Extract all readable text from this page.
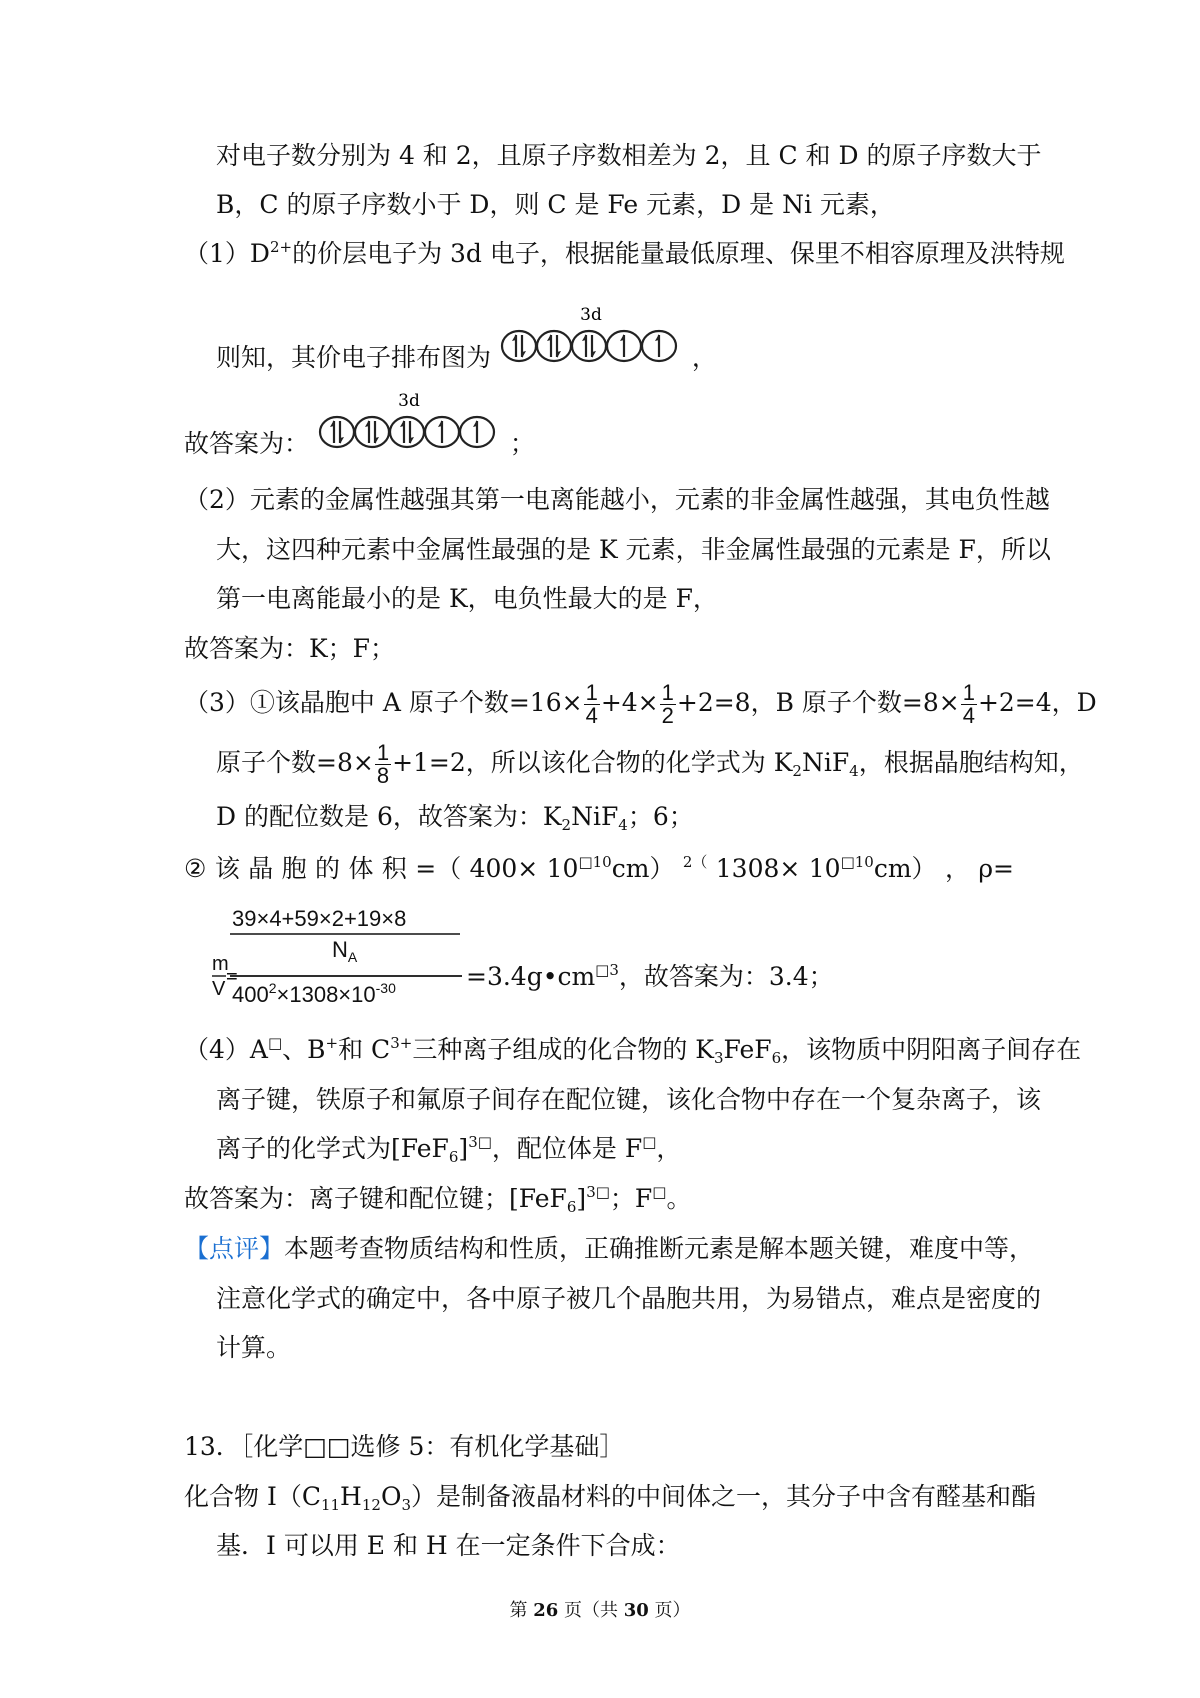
对电子数分别为 4 和 2，且原子序数相差为 2，且 C 和 D 的原子序数大于
B，C 的原子序数小于 D，则 C 是 Fe 元素，D 是 Ni 元素，
$(1)D^{2+}$的价层电子为 3d 电子，根据能量最低原理、保里不相容原理及洪特规
则知，其价电子排布图为
3d
，
故答案为：
3d
；
（2）元素的金属性越强其第一电离能越小，元素的非金属性越强，其电负性越
大，这四种元素中金属性最强的是 K 元素，非金属性最强的元素是 F，所以
第一电离能最小的是 K，电负性最大的是 F，
故答案为：K；F；
（3）①该晶胞中 A 原子个数$=16\times \frac{1}{4} +4\times \frac{1}{2} +2=8$，B 原子个数$=8\times \frac{1}{4} +2=4$，D
原子个数$=8\times \frac{1}{8} +1=2$，所以该化合物的化学式为 $K_2NiF_4$，根据晶胞结构知，
D 的配位数是 6，故答案为：$K_2NiF_4$；6；
② 该 晶 胞 的 体 积 =（ $400\times 10^{□10}cm$） $^{2(}$ $1308\times 10^{□10}cm$） ， ρ=
39×4+59×2+19×8
$N_A$
$400^2\times 1308\times 10^{-30}$
m
V
=	$=3.4g•cm^{□3}$，故答案为：3.4；
（4）A□、B+和 $C^{3+}$三种离子组成的化合物的 $K_3FeF_6$，该物质中阴阳离子间存在
离子键，铁原子和氟原子间存在配位键，该化合物中存在一个复杂离子，该
离子的化学式为$[FeF_6]^{3□}$，配位体是 F□，
故答案为：离子键和配位键；$[FeF_6]^{3□}$；F□。
【点评】本题考查物质结构和性质，正确推断元素是解本题关键，难度中等，
注意化学式的确定中，各中原子被几个晶胞共用，为易错点，难点是密度的
计算。
13．［化学□□选修 5：有机化学基础］
化合物 $I(C_{11}H_{12}O_3)$是制备液晶材料的中间体之一，其分子中含有醛基和酯
基．I 可以用 E 和 H 在一定条件下合成：
第 26 页（共 30 页）
